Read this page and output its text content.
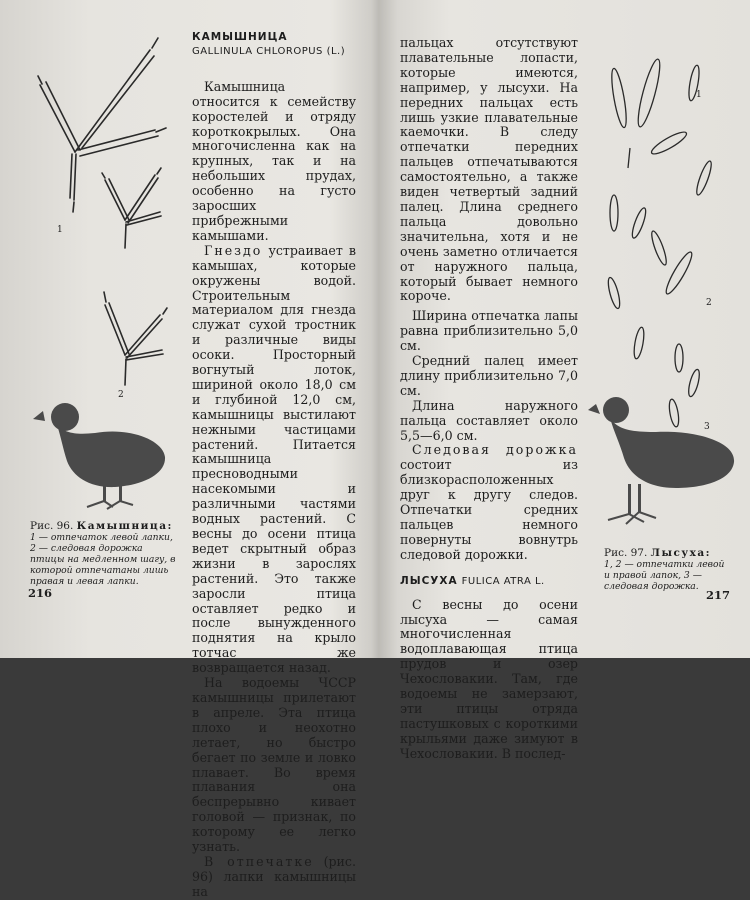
1
2
Рис. 96. Камышница:
1 — отпечаток левой лапки, 2 — следовая дорожка птицы на медленном шагу, в которой отпечатаны лишь правая и левая лапки.
216
КАМЫШНИЦА
GALLINULA CHLOROPUS (L.)

Камышница относится к семейству коростелей и отряду короткокрылых. Она многочисленна как на крупных, так и на небольших прудах, особенно на густо заросших прибрежными камышами.

Гнездо устраивает в камышах, которые окружены водой. Строительным материалом для гнезда служат сухой тростник и различные виды осоки. Просторный вогнутый лоток, шириной около 18,0 см и глубиной 12,0 см, камышницы выстилают нежными частицами растений. Питается камышница пресноводными насекомыми и различными частями водных растений. С весны до осени птица ведет скрытный образ жизни в зарослях растений. Это также заросли птица оставляет редко и после вынужденного поднятия на крыло тотчас же возвращается назад.

На водоемы ЧССР камышницы прилетают в апреле. Эта птица плохо и неохотно летает, но быстро бегает по земле и ловко плавает. Во время плавания она беспрерывно кивает головой — признак, по которому ее легко узнать.

В отпечатке (рис. 96) лапки камышницы на

пальцах отсутствуют плавательные лопасти, которые имеются, например, у лысухи. На передних пальцах есть лишь узкие плавательные каемочки. В следу отпечатки передних пальцев отпечатываются самостоятельно, а также виден четвертый задний палец. Длина среднего пальца довольно значительна, хотя и не очень заметно отличается от наружного пальца, который бывает немного короче.

Ширина отпечатка лапы равна приблизительно 5,0 см.

Средний палец имеет длину приблизительно 7,0 см.

Длина наружного пальца составляет около 5,5—6,0 см.

Следовая дорожка состоит из близкорасположенных друг к другу следов. Отпечатки средних пальцев немного повернуты вовнутрь следовой дорожки.

ЛЫСУХА FULICA ATRA L.

С весны до осени лысуха — самая многочисленная водоплавающая птица прудов и озер Чехословакии. Там, где водоемы не замерзают, эти птицы отряда пастушковых с короткими крыльями даже зимуют в Чехословакии. В послед-

1
2
3
Рис. 97. Лысуха:
1, 2 — отпечатки левой и правой лапок, 3 — следовая дорожка.
217
